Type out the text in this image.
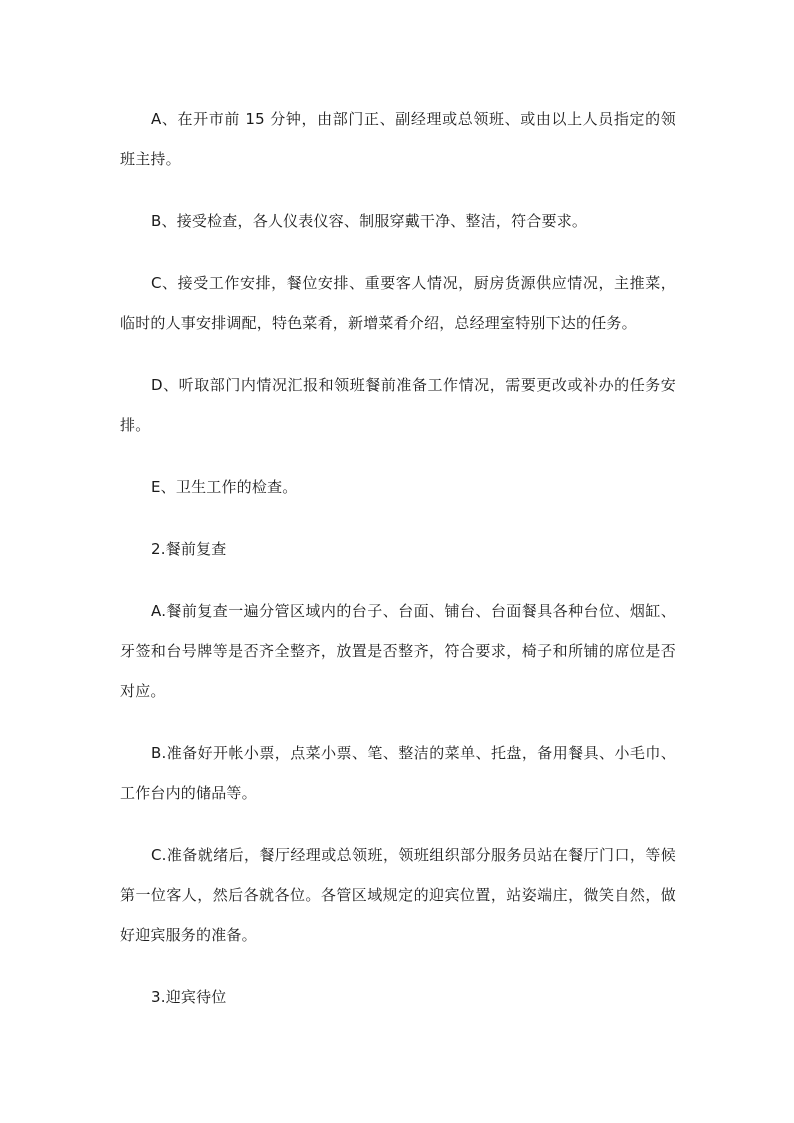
A、在开市前 15 分钟，由部门正、副经理或总领班、或由以上人员指定的领班主持。

B、接受检查，各人仪表仪容、制服穿戴干净、整洁，符合要求。

C、接受工作安排，餐位安排、重要客人情况，厨房货源供应情况，主推菜，临时的人事安排调配，特色菜肴，新增菜肴介绍，总经理室特别下达的任务。

D、听取部门内情况汇报和领班餐前准备工作情况，需要更改或补办的任务安排。

E、卫生工作的检查。

2.餐前复查

A.餐前复查一遍分管区域内的台子、台面、铺台、台面餐具各种台位、烟缸、牙签和台号牌等是否齐全整齐，放置是否整齐，符合要求，椅子和所铺的席位是否对应。

B.准备好开帐小票，点菜小票、笔、整洁的菜单、托盘，备用餐具、小毛巾、工作台内的储品等。

C.准备就绪后，餐厅经理或总领班，领班组织部分服务员站在餐厅门口，等候第一位客人，然后各就各位。各管区域规定的迎宾位置，站姿端庄，微笑自然，做好迎宾服务的准备。

3.迎宾待位
